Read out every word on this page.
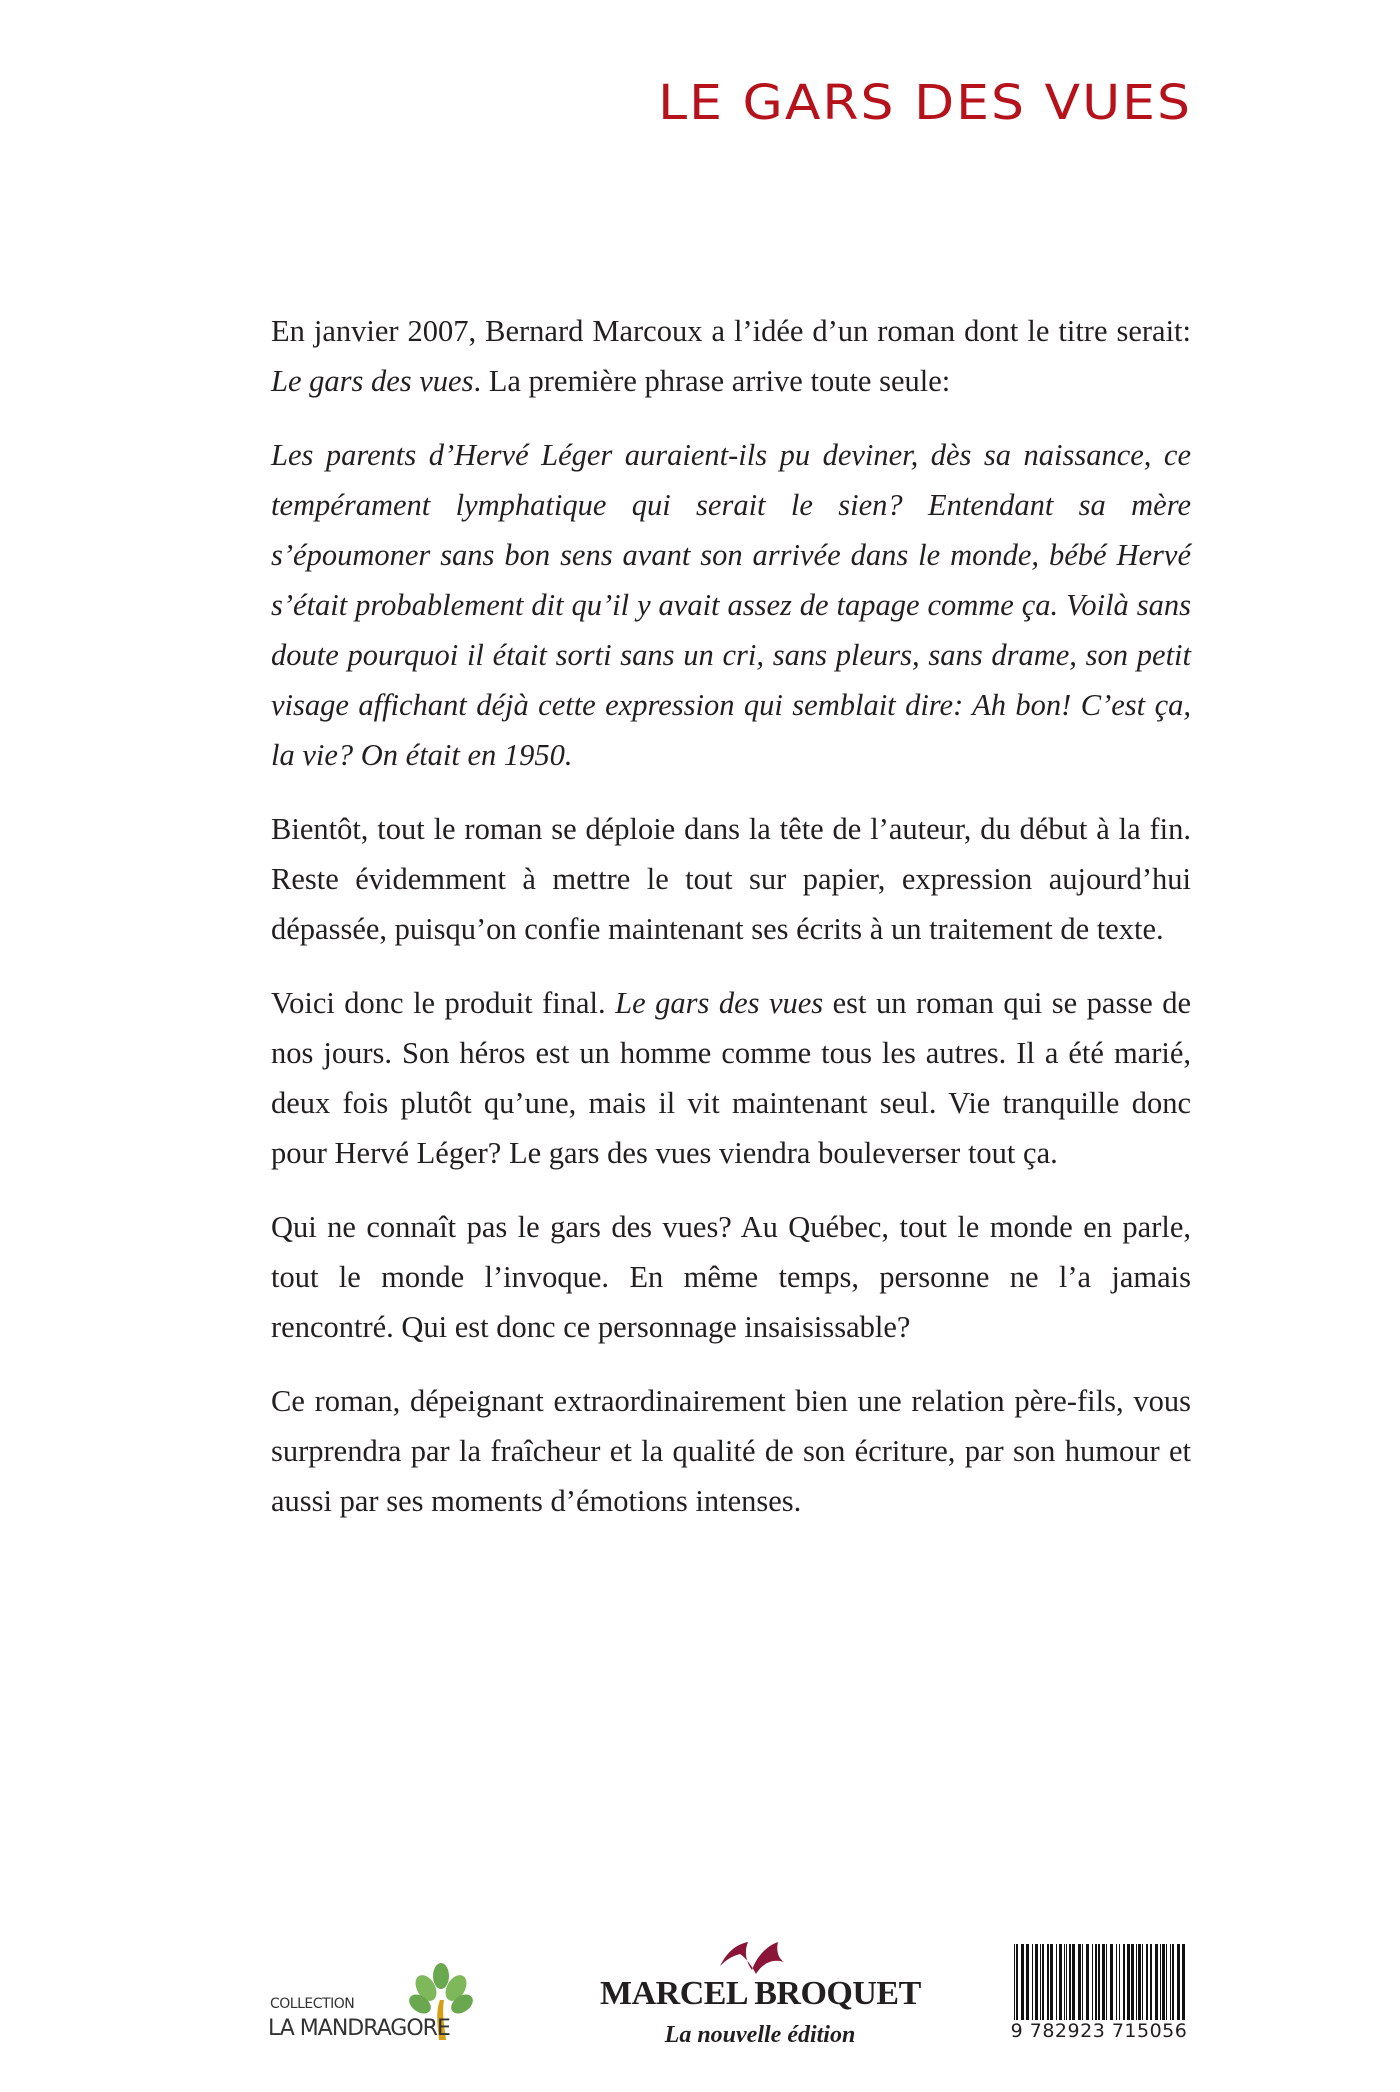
LE GARS DES VUES

En janvier 2007, Bernard Marcoux a l’idée d’un roman dont le titre serait: Le gars des vues. La première phrase arrive toute seule:

Les parents d’Hervé Léger auraient-ils pu deviner, dès sa naissance, ce tempérament lymphatique qui serait le sien? Entendant sa mère s’époumoner sans bon sens avant son arrivée dans le monde, bébé Hervé s’était probablement dit qu’il y avait assez de tapage comme ça. Voilà sans doute pourquoi il était sorti sans un cri, sans pleurs, sans drame, son petit visage affichant déjà cette expression qui semblait dire: Ah bon! C’est ça, la vie? On était en 1950.

Bientôt, tout le roman se déploie dans la tête de l’auteur, du début à la fin. Reste évidemment à mettre le tout sur papier, expression aujourd’hui dépassée, puisqu’on confie maintenant ses écrits à un traitement de texte.

Voici donc le produit final. Le gars des vues est un roman qui se passe de nos jours. Son héros est un homme comme tous les autres. Il a été marié, deux fois plutôt qu’une, mais il vit maintenant seul. Vie tranquille donc pour Hervé Léger? Le gars des vues viendra bouleverser tout ça.

Qui ne connaît pas le gars des vues? Au Québec, tout le monde en parle, tout le monde l’invoque. En même temps, personne ne l’a jamais rencontré. Qui est donc ce personnage insaisissable?

Ce roman, dépeignant extraordinairement bien une relation père-fils, vous surprendra par la fraîcheur et la qualité de son écriture, par son humour et aussi par ses moments d’émotions intenses.

COLLECTION
LA MANDRAGORE
MARCEL BROQUET
La nouvelle édition	9 782923 715056
